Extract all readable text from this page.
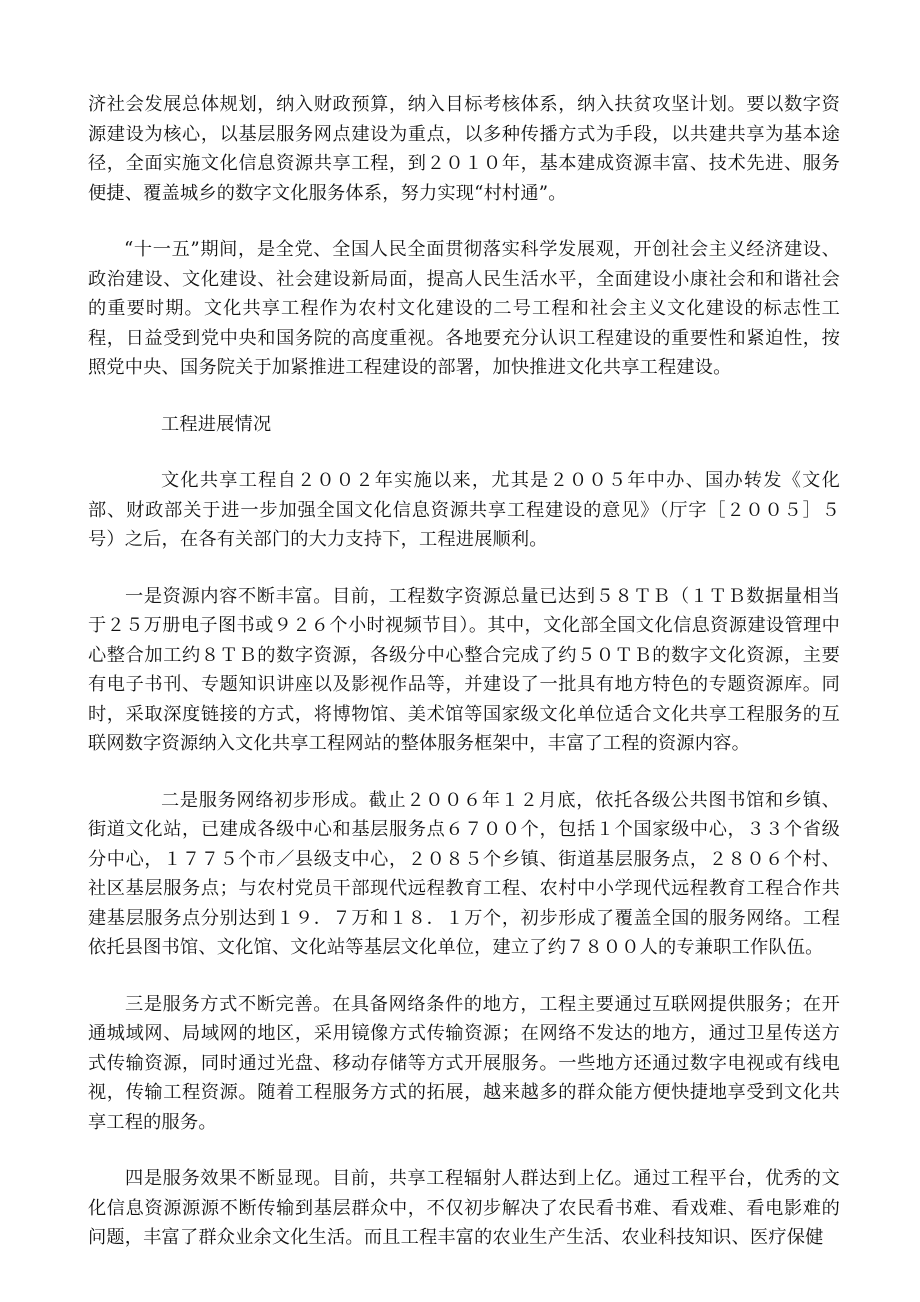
济社会发展总体规划，纳入财政预算，纳入目标考核体系，纳入扶贫攻坚计划。要以数字资源建设为核心，以基层服务网点建设为重点，以多种传播方式为手段，以共建共享为基本途径，全面实施文化信息资源共享工程，到２０１０年，基本建成资源丰富、技术先进、服务便捷、覆盖城乡的数字文化服务体系，努力实现“村村通”。

“十一五”期间，是全党、全国人民全面贯彻落实科学发展观，开创社会主义经济建设、政治建设、文化建设、社会建设新局面，提高人民生活水平，全面建设小康社会和和谐社会的重要时期。文化共享工程作为农村文化建设的二号工程和社会主义文化建设的标志性工程，日益受到党中央和国务院的高度重视。各地要充分认识工程建设的重要性和紧迫性，按照党中央、国务院关于加紧推进工程建设的部署，加快推进文化共享工程建设。

工程进展情况

文化共享工程自２００２年实施以来，尤其是２００５年中办、国办转发《文化部、财政部关于进一步加强全国文化信息资源共享工程建设的意见》（厅字［２００５］５号）之后，在各有关部门的大力支持下，工程进展顺利。

一是资源内容不断丰富。目前，工程数字资源总量已达到５８ＴＢ（１ＴＢ数据量相当于２５万册电子图书或９２６个小时视频节目）。其中，文化部全国文化信息资源建设管理中心整合加工约８ＴＢ的数字资源，各级分中心整合完成了约５０ＴＢ的数字文化资源，主要有电子书刊、专题知识讲座以及影视作品等，并建设了一批具有地方特色的专题资源库。同时，采取深度链接的方式，将博物馆、美术馆等国家级文化单位适合文化共享工程服务的互联网数字资源纳入文化共享工程网站的整体服务框架中，丰富了工程的资源内容。

二是服务网络初步形成。截止２００６年１２月底，依托各级公共图书馆和乡镇、街道文化站，已建成各级中心和基层服务点６７００个，包括１个国家级中心，３３个省级分中心，１７７５个市／县级支中心，２０８５个乡镇、街道基层服务点，２８０６个村、社区基层服务点；与农村党员干部现代远程教育工程、农村中小学现代远程教育工程合作共建基层服务点分别达到１９．７万和１８．１万个，初步形成了覆盖全国的服务网络。工程依托县图书馆、文化馆、文化站等基层文化单位，建立了约７８００人的专兼职工作队伍。

三是服务方式不断完善。在具备网络条件的地方，工程主要通过互联网提供服务；在开通城域网、局域网的地区，采用镜像方式传输资源；在网络不发达的地方，通过卫星传送方式传输资源，同时通过光盘、移动存储等方式开展服务。一些地方还通过数字电视或有线电视，传输工程资源。随着工程服务方式的拓展，越来越多的群众能方便快捷地享受到文化共享工程的服务。

四是服务效果不断显现。目前，共享工程辐射人群达到上亿。通过工程平台，优秀的文化信息资源源源不断传输到基层群众中，不仅初步解决了农民看书难、看戏难、看电影难的问题，丰富了群众业余文化生活。而且工程丰富的农业生产生活、农业科技知识、医疗保健
